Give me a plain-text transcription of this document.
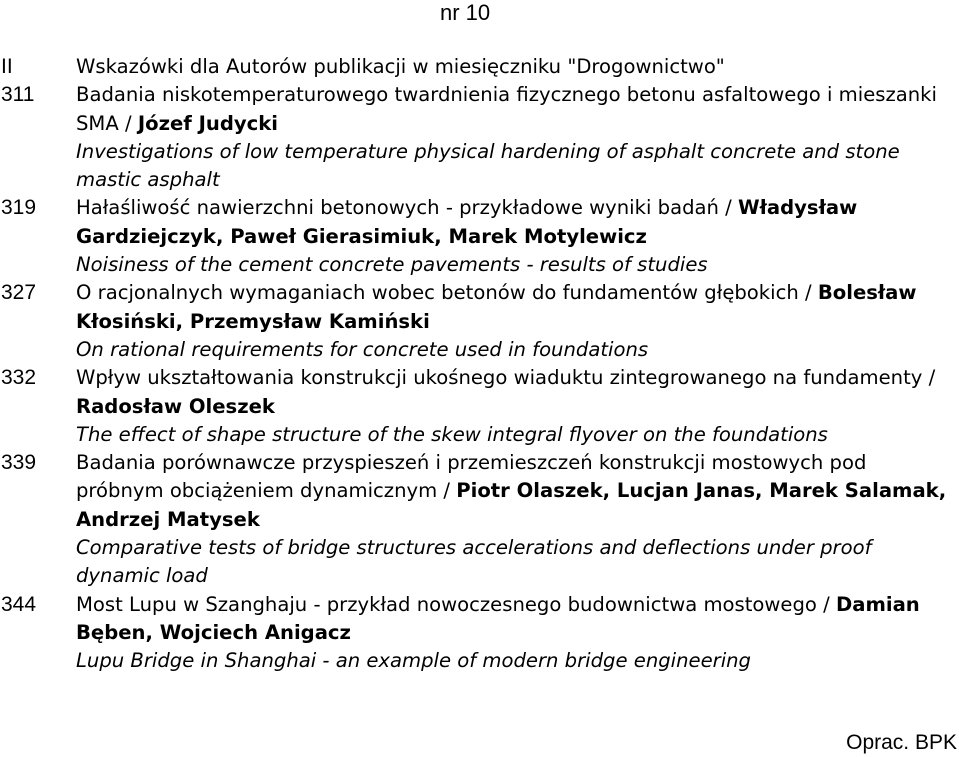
nr 10
II	Wskazówki dla Autorów publikacji w miesięczniku "Drogownictwo"
311	Badania niskotemperaturowego twardnienia fizycznego betonu asfaltowego i mieszanki SMA / Józef Judycki
Investigations of low temperature physical hardening of asphalt concrete and stone mastic asphalt
319	Hałaśliwość nawierzchni betonowych - przykładowe wyniki badań / Władysław Gardziejczyk, Paweł Gierasimiuk, Marek Motylewicz
Noisiness of the cement concrete pavements - results of studies
327	O racjonalnych wymaganiach wobec betonów do fundamentów głębokich / Bolesław Kłosiński, Przemysław Kamiński
On rational requirements for concrete used in foundations
332	Wpływ ukształtowania konstrukcji ukośnego wiaduktu zintegrowanego na fundamenty / Radosław Oleszek
The effect of shape structure of the skew integral flyover on the foundations
339	Badania porównawcze przyspieszeń i przemieszczeń konstrukcji mostowych pod próbnym obciążeniem dynamicznym / Piotr Olaszek, Lucjan Janas, Marek Salamak, Andrzej Matysek
Comparative tests of bridge structures accelerations and deflections under proof dynamic load
344	Most Lupu w Szanghaju - przykład nowoczesnego budownictwa mostowego / Damian Bęben, Wojciech Anigacz
Lupu Bridge in Shanghai - an example of modern bridge engineering
Oprac. BPK
